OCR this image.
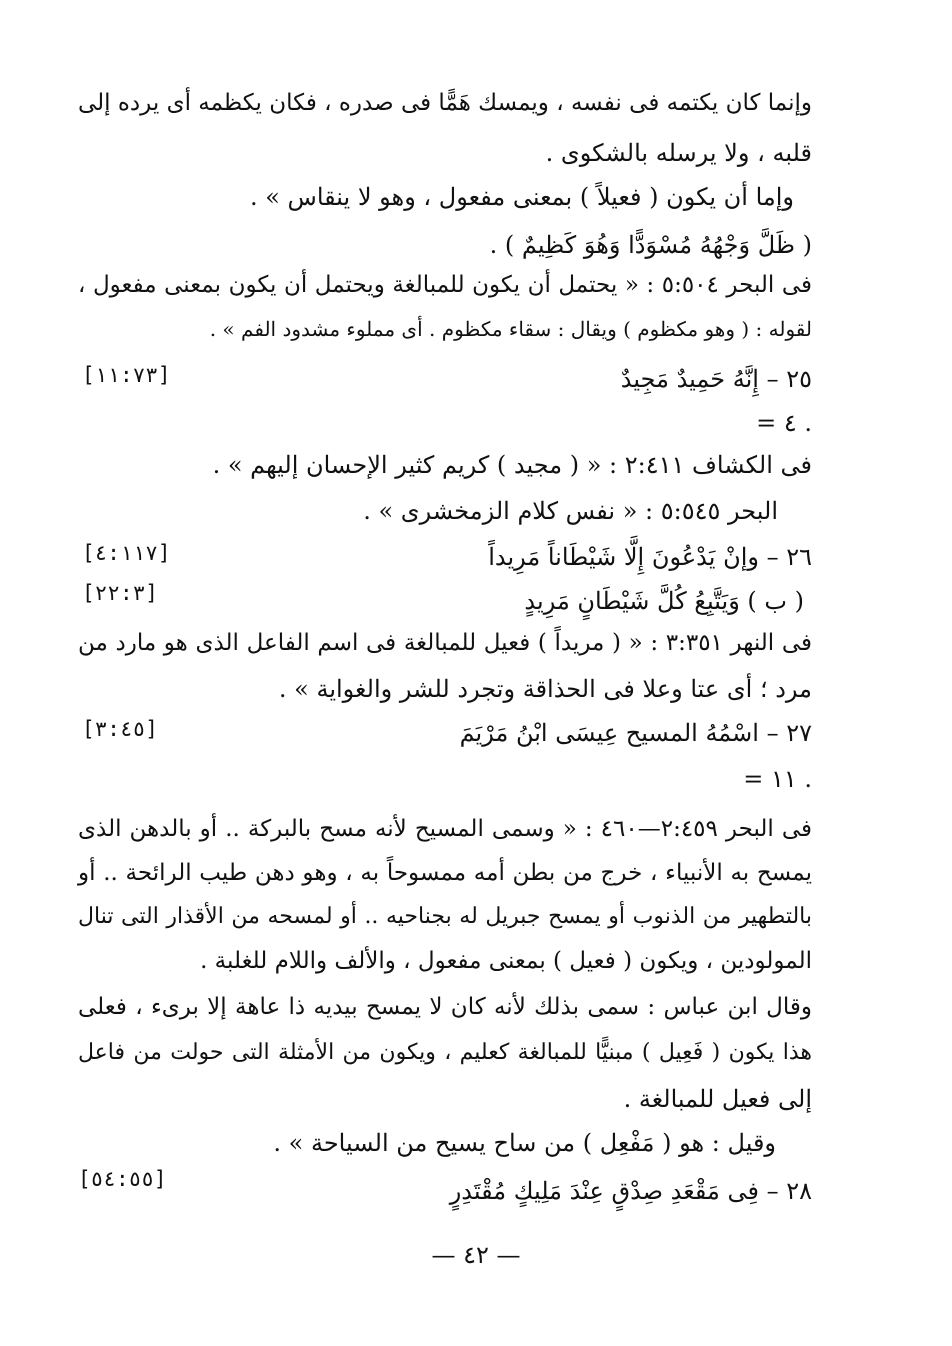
وإنما كان يكتمه فى نفسه ، ويمسك هَمًّا فى صدره ، فكان يكظمه أى يرده إلى
قلبه ، ولا يرسله بالشكوى .
وإما أن يكون ( فعيلاً ) بمعنى مفعول ، وهو لا ينقاس » .
( ظَلَّ وَجْهُهُ مُسْوَدًّا وَهُوَ كَظِيمٌ ) .
فى البحر ٥:٥٠٤ : « يحتمل أن يكون للمبالغة ويحتمل أن يكون بمعنى مفعول ،
لقوله : ( وهو مكظوم ) ويقال : سقاء مكظوم . أى مملوء مشدود الفم » .
٢٥ – إِنَّهُ حَمِيدٌ مَجِيدٌ
[١١:٧٣]
= ٤ .
فى الكشاف ٢:٤١١ : « ( مجيد ) كريم كثير الإحسان إليهم » .
البحر ٥:٥٤٥ : « نفس كلام الزمخشرى » .
٢٦ – وإنْ يَدْعُونَ إِلَّا شَيْطَاناً مَرِيداً
[٤:١١٧]
( ب ) وَيَتَّبِعُ كُلَّ شَيْطَانٍ مَرِيدٍ
[٢٢:٣]
فى النهر ٣:٣٥١ : « ( مريداً ) فعيل للمبالغة فى اسم الفاعل الذى هو مارد من
مرد ؛ أى عتا وعلا فى الحذاقة وتجرد للشر والغواية » .
٢٧ – اسْمُهُ المسيح عِيسَى ابْنُ مَرْيَمَ
[٣:٤٥]
= ١١ .
فى البحر ٢:٤٥٩—٤٦٠ : « وسمى المسيح لأنه مسح بالبركة .. أو بالدهن الذى
يمسح به الأنبياء ، خرج من بطن أمه ممسوحاً به ، وهو دهن طيب الرائحة .. أو
بالتطهير من الذنوب أو يمسح جبريل له بجناحيه .. أو لمسحه من الأقذار التى تنال
المولودين ، ويكون ( فعيل ) بمعنى مفعول ، والألف واللام للغلبة .
وقال ابن عباس : سمى بذلك لأنه كان لا يمسح بيديه ذا عاهة إلا برىء ، فعلى
هذا يكون ( فَعِيل ) مبنيًّا للمبالغة كعليم ، ويكون من الأمثلة التى حولت من فاعل
إلى فعيل للمبالغة .
وقيل : هو ( مَفْعِل ) من ساح يسيح من السياحة » .
٢٨ – فِى مَقْعَدِ صِدْقٍ عِنْدَ مَلِيكٍ مُقْتَدِرٍ
[٥٤:٥٥]
— ٤٢ —
